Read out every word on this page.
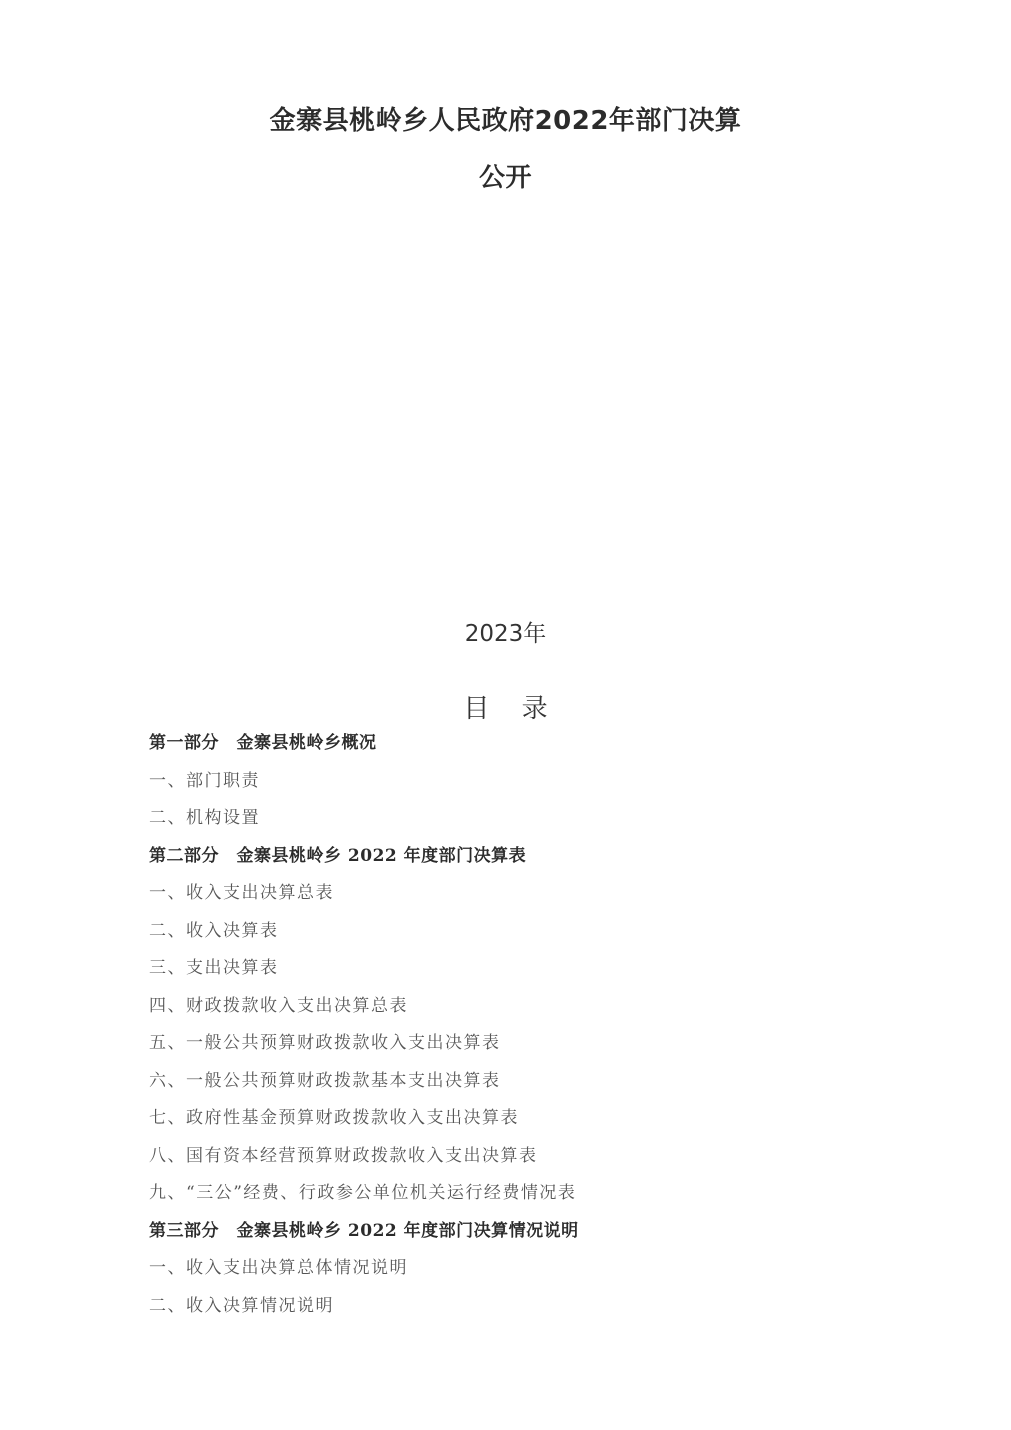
金寨县桃岭乡人民政府2022年部门决算
公开
2023年
目 录
第一部分　金寨县桃岭乡概况
一、部门职责
二、机构设置
第二部分　金寨县桃岭乡 2022 年度部门决算表
一、收入支出决算总表
二、收入决算表
三、支出决算表
四、财政拨款收入支出决算总表
五、一般公共预算财政拨款收入支出决算表
六、一般公共预算财政拨款基本支出决算表
七、政府性基金预算财政拨款收入支出决算表
八、国有资本经营预算财政拨款收入支出决算表
九、“三公”经费、行政参公单位机关运行经费情况表
第三部分　金寨县桃岭乡 2022 年度部门决算情况说明
一、收入支出决算总体情况说明
二、收入决算情况说明
